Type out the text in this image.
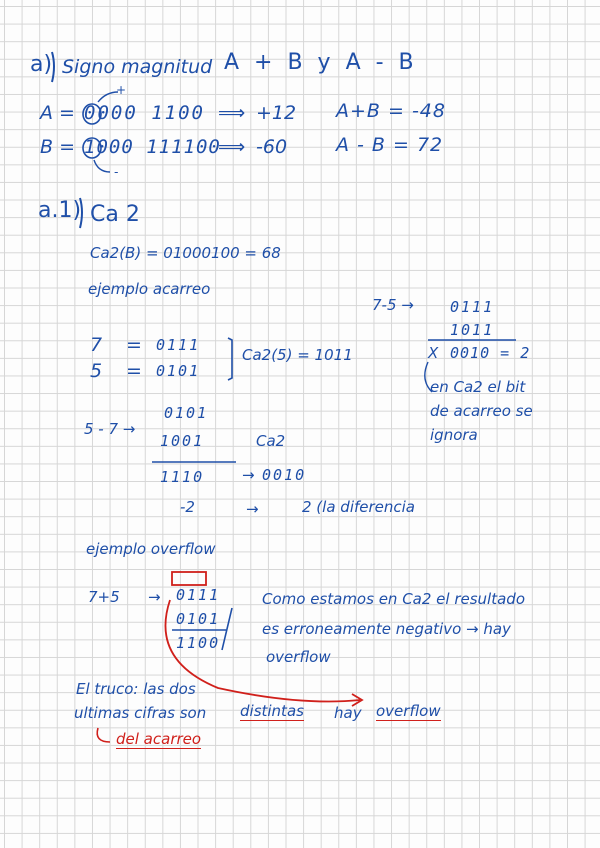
a) Signo magnitud A + B y A - B
+
A = 0000 1100 ⟹ +12 A+B = -48
B = 1000 111100
⟹ -60	A - B = 72
-
a.1) Ca 2
Ca2(B) = 01000100 = 68
ejemplo acarreo
7 = 0111
5 = 0101
Ca2(5) = 1011
7-5 → 0111
1011
X 0010 = 2
en Ca2 el bit
de acarreo se
ignora
5 - 7 →
0101
1001	Ca2
1110	→ 0010
-2	→	2 (la diferencia
ejemplo overflow
7+5 → 0111
0101
1100
Como estamos en Ca2 el resultado
es erroneamente negativo → hay
overflow
El truco: las dos
ultimas cifras son distintas hay overflow
del acarreo
